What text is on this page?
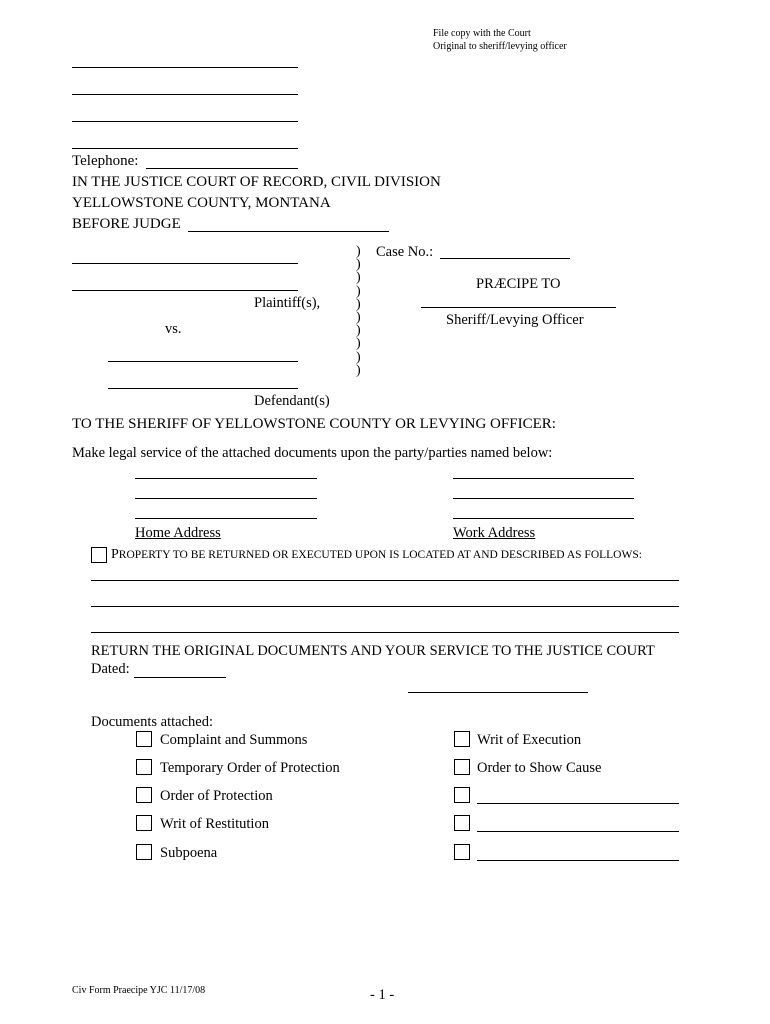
File copy with the Court
Original to sheriff/levying officer
Telephone:
IN THE JUSTICE COURT OF RECORD, CIVIL DIVISION
YELLOWSTONE COUNTY, MONTANA
BEFORE JUDGE
Case No.:
Plaintiff(s),
vs.
Defendant(s)
)
)
)
)
)
)
)
)
)
)
PRÆCIPE TO
Sheriff/Levying Officer
TO THE SHERIFF OF YELLOWSTONE COUNTY OR LEVYING OFFICER:
Make legal service of the attached documents upon the party/parties named below:
Home Address	Work Address
PROPERTY TO BE RETURNED OR EXECUTED UPON IS LOCATED AT AND DESCRIBED AS FOLLOWS:
RETURN THE ORIGINAL DOCUMENTS AND YOUR SERVICE TO THE JUSTICE COURT
Dated:
Documents attached:
Complaint and Summons
Temporary Order of Protection
Order of Protection
Writ of Restitution
Subpoena
Writ of Execution
Order to Show Cause
Civ Form Praecipe YJC 11/17/08	- 1 -
